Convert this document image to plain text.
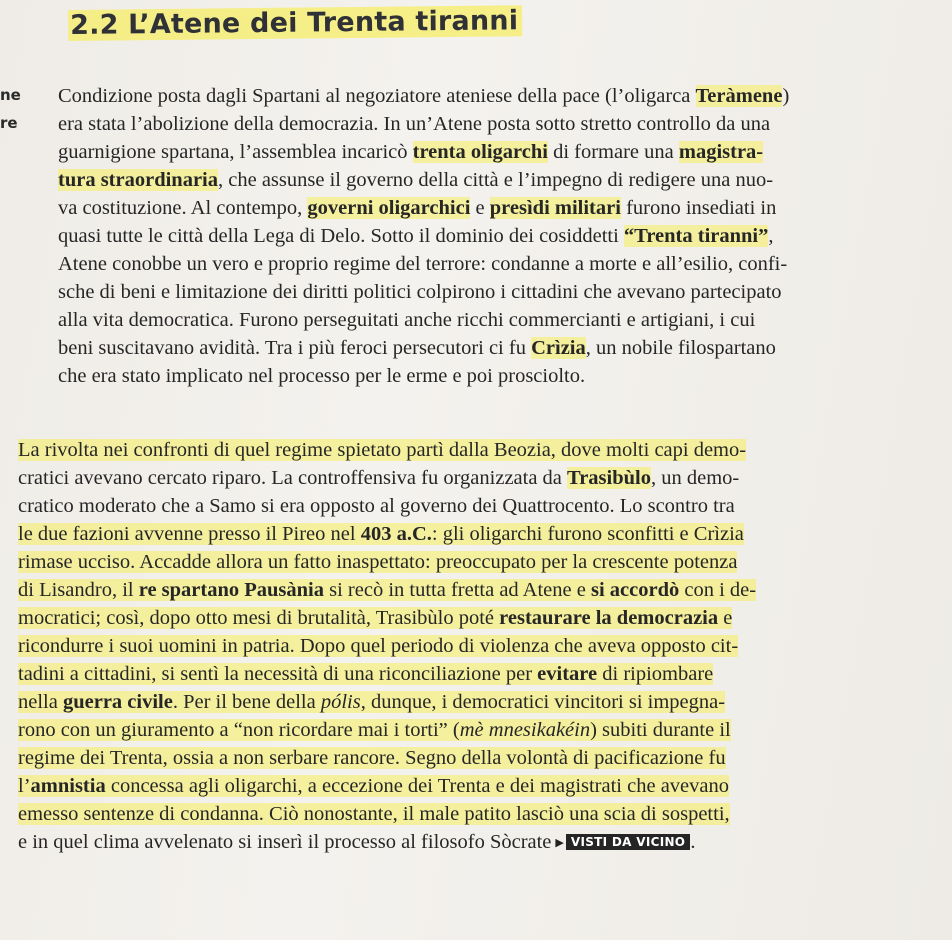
ne
re
2.2 L’Atene dei Trenta tiranni
Condizione posta dagli Spartani al negoziatore ateniese della pace (l’oligarca Teràmene)
era stata l’abolizione della democrazia. In un’Atene posta sotto stretto controllo da una
guarnigione spartana, l’assemblea incaricò trenta oligarchi di formare una magistra-
tura straordinaria, che assunse il governo della città e l’impegno di redigere una nuo-
va costituzione. Al contempo, governi oligarchici e presìdi militari furono insediati in
quasi tutte le città della Lega di Delo. Sotto il dominio dei cosiddetti “Trenta tiranni”,
Atene conobbe un vero e proprio regime del terrore: condanne a morte e all’esilio, confi-
sche di beni e limitazione dei diritti politici colpirono i cittadini che avevano partecipato
alla vita democratica. Furono perseguitati anche ricchi commercianti e artigiani, i cui
beni suscitavano avidità. Tra i più feroci persecutori ci fu Crìzia, un nobile filospartano
che era stato implicato nel processo per le erme e poi prosciolto.
La rivolta nei confronti di quel regime spietato partì dalla Beozia, dove molti capi demo-
cratici avevano cercato riparo. La controffensiva fu organizzata da Trasibùlo, un demo-
cratico moderato che a Samo si era opposto al governo dei Quattrocento. Lo scontro tra
le due fazioni avvenne presso il Pireo nel 403 a.C.: gli oligarchi furono sconfitti e Crìzia
rimase ucciso. Accadde allora un fatto inaspettato: preoccupato per la crescente potenza
di Lisandro, il re spartano Pausània si recò in tutta fretta ad Atene e si accordò con i de-
mocratici; così, dopo otto mesi di brutalità, Trasibùlo poté restaurare la democrazia e
ricondurre i suoi uomini in patria. Dopo quel periodo di violenza che aveva opposto cit-
tadini a cittadini, si sentì la necessità di una riconciliazione per evitare di ripiombare
nella guerra civile. Per il bene della pólis, dunque, i democratici vincitori si impegna-
rono con un giuramento a “non ricordare mai i torti” (mè mnesikakéin) subiti durante il
regime dei Trenta, ossia a non serbare rancore. Segno della volontà di pacificazione fu
l’amnistia concessa agli oligarchi, a eccezione dei Trenta e dei magistrati che avevano
emesso sentenze di condanna. Ciò nonostante, il male patito lasciò una scia di sospetti,
e in quel clima avvelenato si inserì il processo al filosofo Sòcrate ▶ VISTI DA VICINO .
